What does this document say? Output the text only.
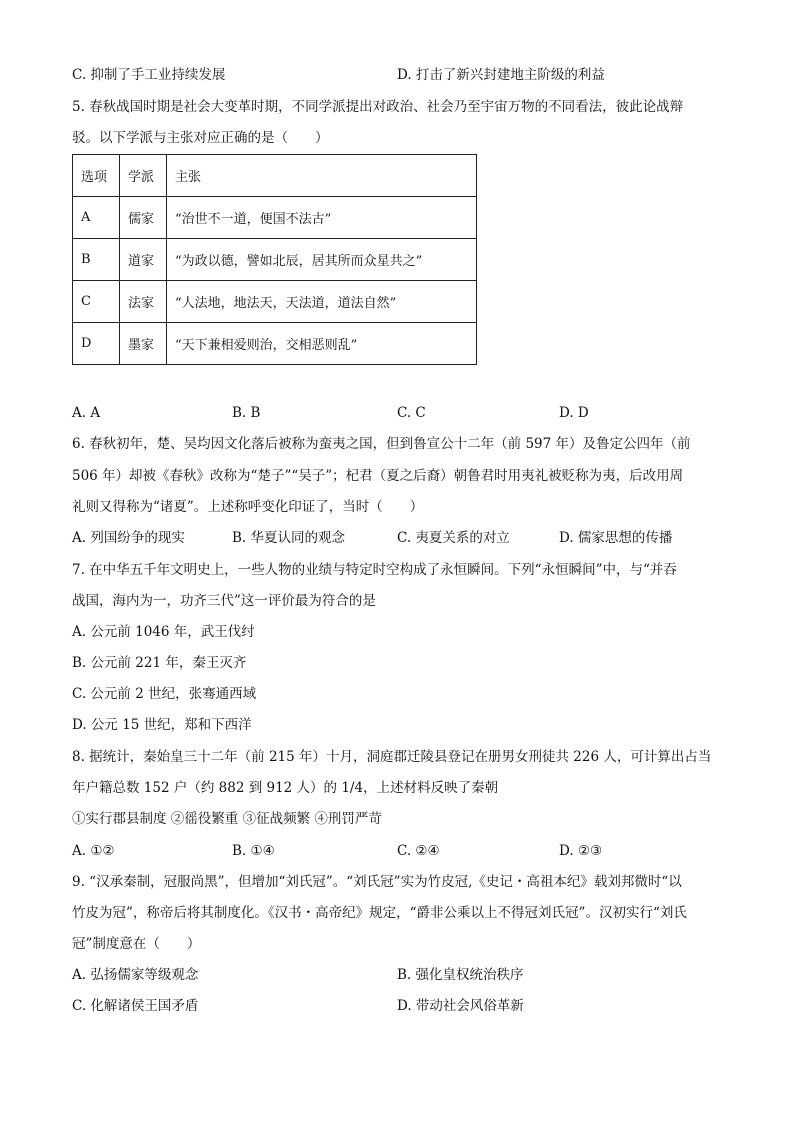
C. 抑制了手工业持续发展	D. 打击了新兴封建地主阶级的利益
5. 春秋战国时期是社会大变革时期，不同学派提出对政治、社会乃至宇宙万物的不同看法，彼此论战辩
驳。以下学派与主张对应正确的是（　　）
选项	学派	主张
A	儒家	“治世不一道，便国不法古”
B	道家	“为政以德，譬如北辰，居其所而众星共之”
C	法家	“人法地，地法天，天法道，道法自然”
D	墨家	“天下兼相爱则治，交相恶则乱”
A. A	B. B	C. C	D. D
6. 春秋初年，楚、吴均因文化落后被称为蛮夷之国，但到鲁宣公十二年（前 597 年）及鲁定公四年（前
506 年）却被《春秋》改称为“楚子”“吴子”；杞君（夏之后裔）朝鲁君时用夷礼被贬称为夷，后改用周
礼则又得称为“诸夏”。上述称呼变化印证了，当时（　　）
A. 列国纷争的现实	B. 华夏认同的观念	C. 夷夏关系的对立	D. 儒家思想的传播
7. 在中华五千年文明史上，一些人物的业绩与特定时空构成了永恒瞬间。下列“永恒瞬间”中，与“并吞
战国，海内为一，功齐三代”这一评价最为符合的是
A. 公元前 1046 年，武王伐纣
B. 公元前 221 年，秦王灭齐
C. 公元前 2 世纪，张骞通西域
D. 公元 15 世纪，郑和下西洋
8. 据统计，秦始皇三十二年（前 215 年）十月，洞庭郡迁陵县登记在册男女刑徒共 226 人，可计算出占当
年户籍总数 152 户（约 882 到 912 人）的 1/4，上述材料反映了秦朝
①实行郡县制度 ②徭役繁重 ③征战频繁 ④刑罚严苛
A. ①②	B. ①④	C. ②④	D. ②③
9. “汉承秦制，冠服尚黑”，但增加“刘氏冠”。“刘氏冠”实为竹皮冠,《史记・高祖本纪》载刘邦微时“以
竹皮为冠”，称帝后将其制度化。《汉书・高帝纪》规定，“爵非公乘以上不得冠刘氏冠”。汉初实行“刘氏
冠”制度意在（　　）
A. 弘扬儒家等级观念	B. 强化皇权统治秩序
C. 化解诸侯王国矛盾	D. 带动社会风俗革新
